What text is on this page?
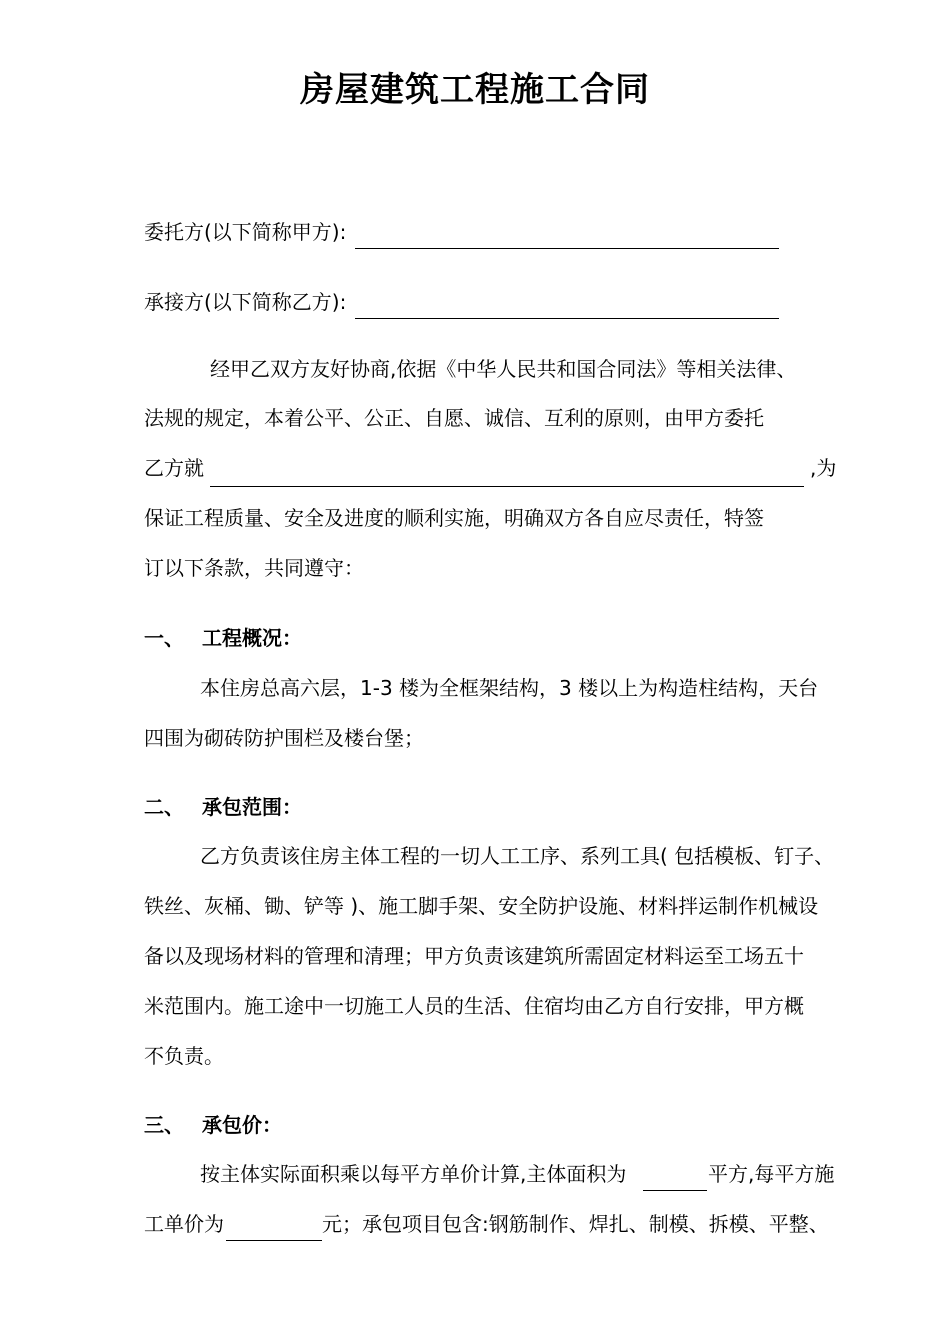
房屋建筑工程施工合同
委托方(以下简称甲方):
承接方(以下简称乙方):
经甲乙双方友好协商,依据《中华人民共和国合同法》等相关法律、
法规的规定，本着公平、公正、自愿、诚信、互利的原则，由甲方委托
乙方就	,为
保证工程质量、安全及进度的顺利实施，明确双方各自应尽责任，特签
订以下条款，共同遵守：
一、 工程概况：
本住房总高六层，1-3 楼为全框架结构，3 楼以上为构造柱结构，天台
四围为砌砖防护围栏及楼台堡；
二、 承包范围：
乙方负责该住房主体工程的一切人工工序、系列工具( 包括模板、钉子、
铁丝、灰桶、锄、铲等 )、施工脚手架、安全防护设施、材料拌运制作机械设
备以及现场材料的管理和清理；甲方负责该建筑所需固定材料运至工场五十
米范围内。施工途中一切施工人员的生活、住宿均由乙方自行安排，甲方概
不负责。
三、 承包价：
按主体实际面积乘以每平方单价计算,主体面积为	平方,每平方施
工单价为	元；承包项目包含:钢筋制作、焊扎、制模、拆模、平整、
